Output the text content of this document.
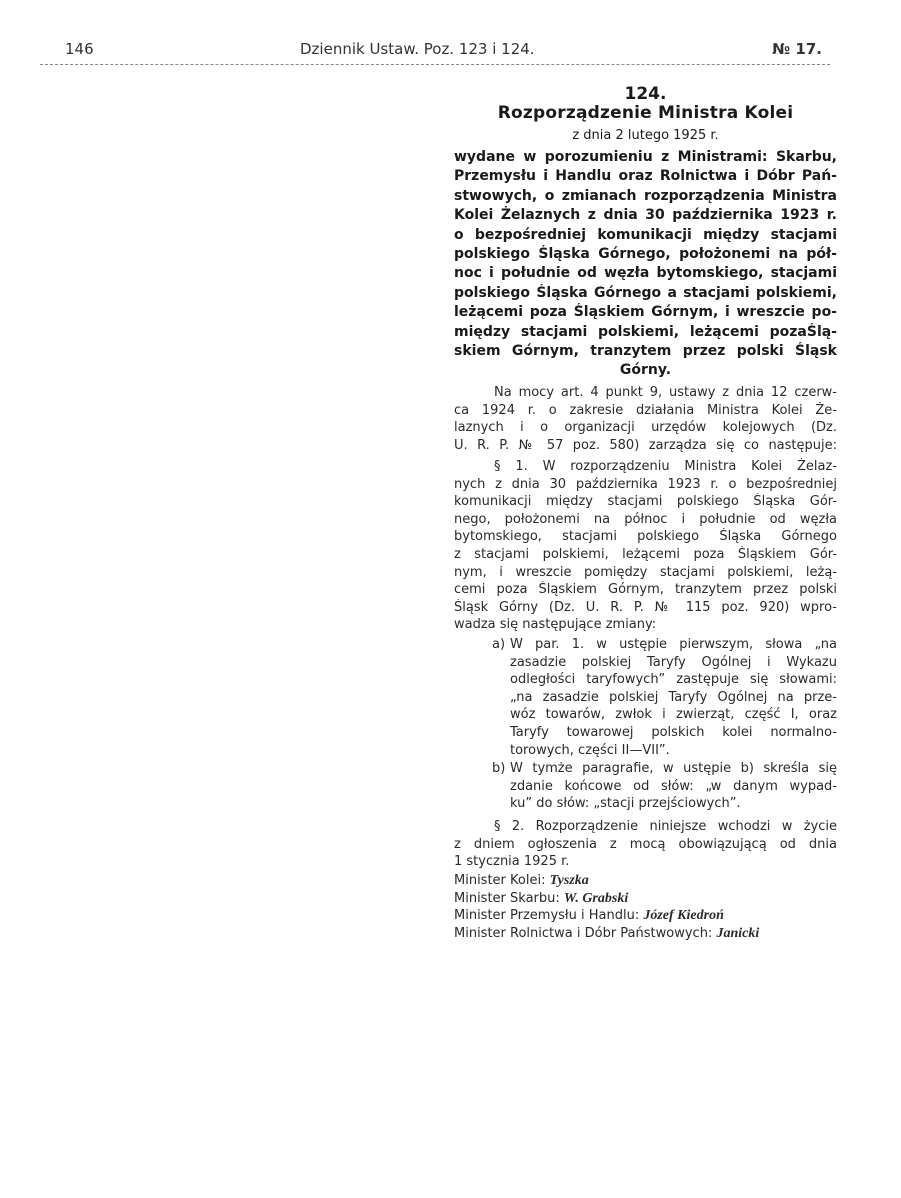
146	Dziennik Ustaw. Poz. 123 i 124.	№ 17.
124.
Rozporządzenie Ministra Kolei
z dnia 2 lutego 1925 r.
wydane w porozumieniu z Ministrami: Skarbu,
Przemysłu i Handlu oraz Rolnictwa i Dóbr Pań-
stwowych, o zmianach rozporządzenia Ministra
Kolei Żelaznych z dnia 30 października 1923 r.
o bezpośredniej komunikacji między stacjami
polskiego Śląska Górnego, położonemi na pół-
noc i południe od węzła bytomskiego, stacjami
polskiego Śląska Górnego a stacjami polskiemi,
leżącemi poza Śląskiem Górnym, i wreszcie po-
między stacjami polskiemi, leżącemi pozaŚlą-
skiem Górnym, tranzytem przez polski Śląsk
Górny.
Na mocy art. 4 punkt 9, ustawy z dnia 12 czerw-
ca 1924 r. o zakresie działania Ministra Kolei Że-
laznych i o organizacji urzędów kolejowych (Dz.
U. R. P. № 57 poz. 580) zarządza się co następuje:
§ 1. W rozporządzeniu Ministra Kolei Żelaz-
nych z dnia 30 października 1923 r. o bezpośredniej
komunikacji między stacjami polskiego Śląska Gór-
nego, położonemi na północ i południe od węzła
bytomskiego, stacjami polskiego Śląska Górnego
z stacjami polskiemi, leżącemi poza Śląskiem Gór-
nym, i wreszcie pomiędzy stacjami polskiemi, leżą-
cemi poza Śląskiem Górnym, tranzytem przez polski
Śląsk Górny (Dz. U. R. P. № 115 poz. 920) wpro-
wadza się następujące zmiany:
a) W par. 1. w ustępie pierwszym, słowa „na
zasadzie polskiej Taryfy Ogólnej i Wykazu
odległości taryfowych” zastępuje się słowami:
„na zasadzie polskiej Taryfy Ogólnej na prze-
wóz towarów, zwłok i zwierząt, część I, oraz
Taryfy towarowej polskich kolei normalno-
torowych, części II—VII”.
b) W tymże paragrafie, w ustępie b) skreśla się
zdanie końcowe od słów: „w danym wypad-
ku” do słów: „stacji przejściowych”.
§ 2. Rozporządzenie niniejsze wchodzi w życie
z dniem ogłoszenia z mocą obowiązującą od dnia
1 stycznia 1925 r.
Minister Kolei: Tyszka
Minister Skarbu: W. Grabski
Minister Przemysłu i Handlu: Józef Kiedroń
Minister Rolnictwa i Dóbr Państwowych: Janicki
